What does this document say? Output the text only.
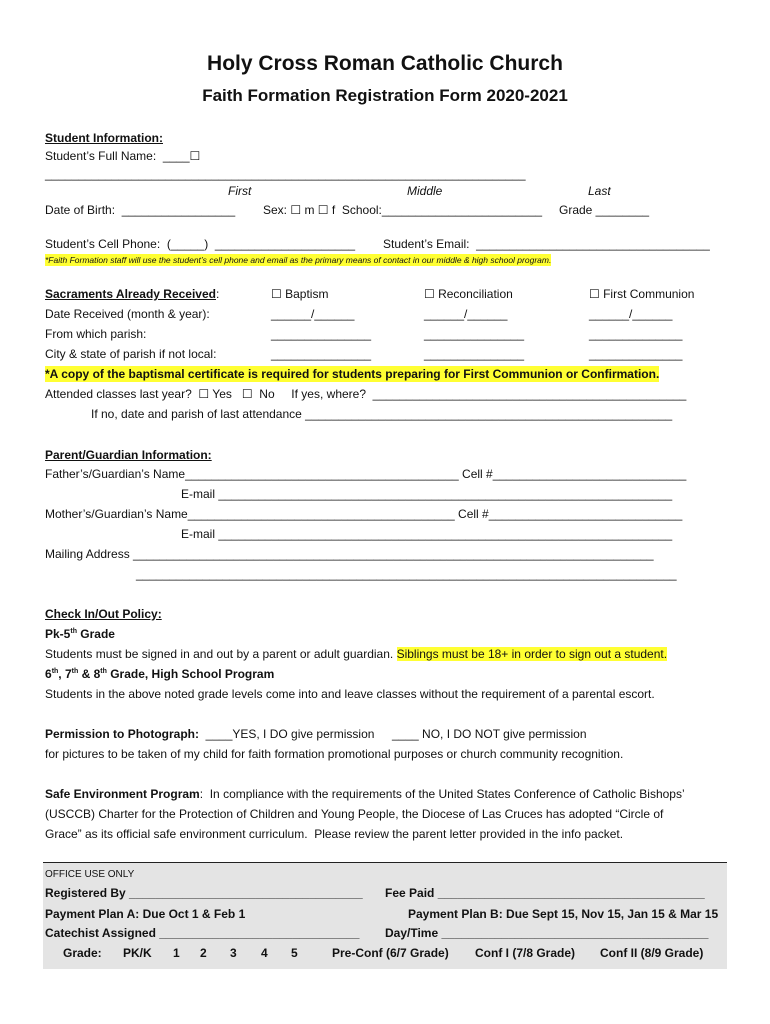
Holy Cross Roman Catholic Church
Faith Formation Registration Form 2020-2021
Student Information:
Student’s Full Name:  ____☐
________________________________________________________________________
First	Middle	Last
Date of Birth:  _________________ Sex: ☐ m ☐ f  School:________________________ Grade ________
Student’s Cell Phone:  (_____)  _____________________ Student’s Email:  ___________________________________
*Faith Formation staff will use the student’s cell phone and email as the primary means of contact in our middle & high school program.
Sacraments Already Received:	☐ Baptism	☐ Reconciliation	☐ First Communion
Date Received (month & year):	______/______	______/______	______/______
From which parish:	_______________	_______________	______________
City & state of parish if not local:	_______________	_______________	______________
*A copy of the baptismal certificate is required for students preparing for First Communion or Confirmation.
Attended classes last year?  ☐ Yes   ☐  No     If yes, where?  _______________________________________________
If no, date and parish of last attendance _______________________________________________________
Parent/Guardian Information:
Father’s/Guardian’s Name_________________________________________ Cell #_____________________________
E-mail ____________________________________________________________________
Mother’s/Guardian’s Name________________________________________ Cell #_____________________________
E-mail ____________________________________________________________________
Mailing Address ______________________________________________________________________________
_________________________________________________________________________________
Check In/Out Policy:
Pk-5th Grade
Students must be signed in and out by a parent or adult guardian. Siblings must be 18+ in order to sign out a student.
6th, 7th & 8th Grade, High School Program
Students in the above noted grade levels come into and leave classes without the requirement of a parental escort.
Permission to Photograph:  ____YES, I DO give permission ____ NO, I DO NOT give permission
for pictures to be taken of my child for faith formation promotional purposes or church community recognition.
Safe Environment Program:  In compliance with the requirements of the United States Conference of Catholic Bishops’
(USCCB) Charter for the Protection of Children and Young People, the Diocese of Las Cruces has adopted “Circle of
Grace” as its official safe environment curriculum.  Please review the parent letter provided in the info packet.
OFFICE USE ONLY
Registered By ___________________________________ Fee Paid ________________________________________
Payment Plan A: Due Oct 1 & Feb 1	Payment Plan B: Due Sept 15, Nov 15, Jan 15 & Mar 15
Catechist Assigned ______________________________ Day/Time ________________________________________
Grade: PK/K 1 2 3 4 5	Pre-Conf (6/7 Grade) Conf I (7/8 Grade) Conf II (8/9 Grade)
